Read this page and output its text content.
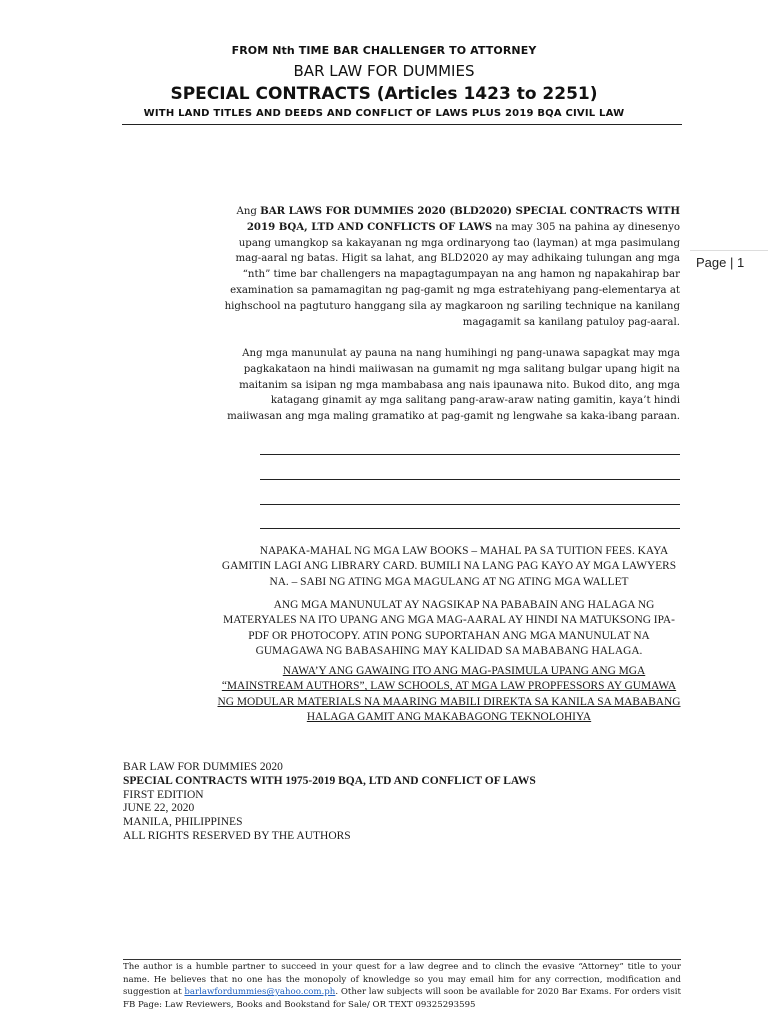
FROM Nth TIME BAR CHALLENGER TO ATTORNEY
BAR LAW FOR DUMMIES
SPECIAL CONTRACTS (Articles 1423 to 2251)
WITH LAND TITLES AND DEEDS AND CONFLICT OF LAWS PLUS 2019 BQA CIVIL LAW
Page | 1
Ang BAR LAWS FOR DUMMIES 2020 (BLD2020) SPECIAL CONTRACTS WITH 2019 BQA, LTD AND CONFLICTS OF LAWS na may 305 na pahina ay dinesenyo upang umangkop sa kakayanan ng mga ordinaryong tao (layman) at mga pasimulang mag-aaral ng batas. Higit sa lahat, ang BLD2020 ay may adhikaing tulungan ang mga “nth” time bar challengers na mapagtagumpayan na ang hamon ng napakahirap bar examination sa pamamagitan ng pag-gamit ng mga estratehiyang pang-elementarya at highschool na pagtuturo hanggang sila ay magkaroon ng sariling technique na kanilang magagamit sa kanilang patuloy pag-aaral.
Ang mga manunulat ay pauna na nang humihingi ng pang-unawa sapagkat may mga pagkakataon na hindi maiiwasan na gumamit ng mga salitang bulgar upang higit na maitanim sa isipan ng mga mambabasa ang nais ipaunawa nito. Bukod dito, ang mga katagang ginamit ay mga salitang pang-araw-araw nating gamitin, kaya’t hindi maiiwasan ang mga maling gramatiko at pag-gamit ng lengwahe sa kaka-ibang paraan.
NAPAKA-MAHAL NG MGA LAW BOOKS – MAHAL PA SA TUITION FEES. KAYA GAMITIN LAGI ANG LIBRARY CARD. BUMILI NA LANG PAG KAYO AY MGA LAWYERS NA. – SABI NG ATING MGA MAGULANG AT NG ATING MGA WALLET
ANG MGA MANUNULAT AY NAGSIKAP NA PABABAIN ANG HALAGA NG MATERYALES NA ITO UPANG ANG MGA MAG-AARAL AY HINDI NA MATUKSONG IPA-PDF OR PHOTOCOPY. ATIN PONG SUPORTAHAN ANG MGA MANUNULAT NA GUMAGAWA NG BABASAHING MAY KALIDAD SA MABABANG HALAGA.
NAWA’Y ANG GAWAING ITO ANG MAG-PASIMULA UPANG ANG MGA “MAINSTREAM AUTHORS”, LAW SCHOOLS, AT MGA LAW PROPFESSORS AY GUMAWA NG MODULAR MATERIALS NA MAARING MABILI DIREKTA SA KANILA SA MABABANG HALAGA GAMIT ANG MAKABAGONG TEKNOLOHIYA
BAR LAW FOR DUMMIES 2020
SPECIAL CONTRACTS WITH 1975-2019 BQA, LTD AND CONFLICT OF LAWS
FIRST EDITION
JUNE 22, 2020
MANILA, PHILIPPINES
ALL RIGHTS RESERVED BY THE AUTHORS
The author is a humble partner to succeed in your quest for a law degree and to clinch the evasive “Attorney” title to your name. He believes that no one has the monopoly of knowledge so you may email him for any correction, modification and suggestion at barlawfordummies@yahoo.com.ph. Other law subjects will soon be available for 2020 Bar Exams. For orders visit FB Page: Law Reviewers, Books and Bookstand for Sale/ OR TEXT 09325293595
